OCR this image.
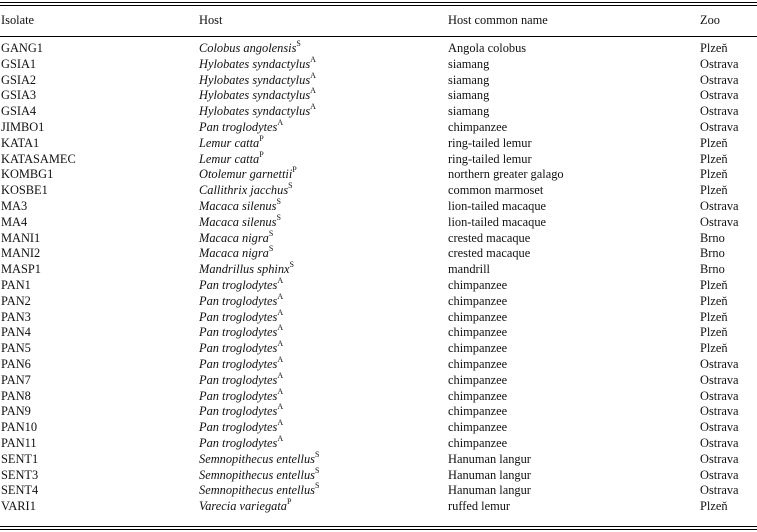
Isolate	Host	Host common name	Zoo
GANG1	Colobus angolensis$^S$	Angola colobus	Plzeň
GSIA1	Hylobates syndactylus$^A$	siamang	Ostrava
GSIA2	Hylobates syndactylus$^A$	siamang	Ostrava
GSIA3	Hylobates syndactylus$^A$	siamang	Ostrava
GSIA4	Hylobates syndactylus$^A$	siamang	Ostrava
JIMBO1	Pan troglodytes$^A$	chimpanzee	Ostrava
KATA1	Lemur catta$^P$	ring-tailed lemur	Plzeň
KATASAMEC	Lemur catta$^P$	ring-tailed lemur	Plzeň
KOMBG1	Otolemur garnettii$^P$	northern greater galago	Plzeň
KOSBE1	Callithrix jacchus$^S$	common marmoset	Plzeň
MA3	Macaca silenus$^S$	lion-tailed macaque	Ostrava
MA4	Macaca silenus$^S$	lion-tailed macaque	Ostrava
MANI1	Macaca nigra$^S$	crested macaque	Brno
MANI2	Macaca nigra$^S$	crested macaque	Brno
MASP1	Mandrillus sphinx$^S$	mandrill	Brno
PAN1	Pan troglodytes$^A$	chimpanzee	Plzeň
PAN2	Pan troglodytes$^A$	chimpanzee	Plzeň
PAN3	Pan troglodytes$^A$	chimpanzee	Plzeň
PAN4	Pan troglodytes$^A$	chimpanzee	Plzeň
PAN5	Pan troglodytes$^A$	chimpanzee	Plzeň
PAN6	Pan troglodytes$^A$	chimpanzee	Ostrava
PAN7	Pan troglodytes$^A$	chimpanzee	Ostrava
PAN8	Pan troglodytes$^A$	chimpanzee	Ostrava
PAN9	Pan troglodytes$^A$	chimpanzee	Ostrava
PAN10	Pan troglodytes$^A$	chimpanzee	Ostrava
PAN11	Pan troglodytes$^A$	chimpanzee	Ostrava
SENT1	Semnopithecus entellus$^S$	Hanuman langur	Ostrava
SENT3	Semnopithecus entellus$^S$	Hanuman langur	Ostrava
SENT4	Semnopithecus entellus$^S$	Hanuman langur	Ostrava
VARI1	Varecia variegata$^P$	ruffed lemur	Plzeň
